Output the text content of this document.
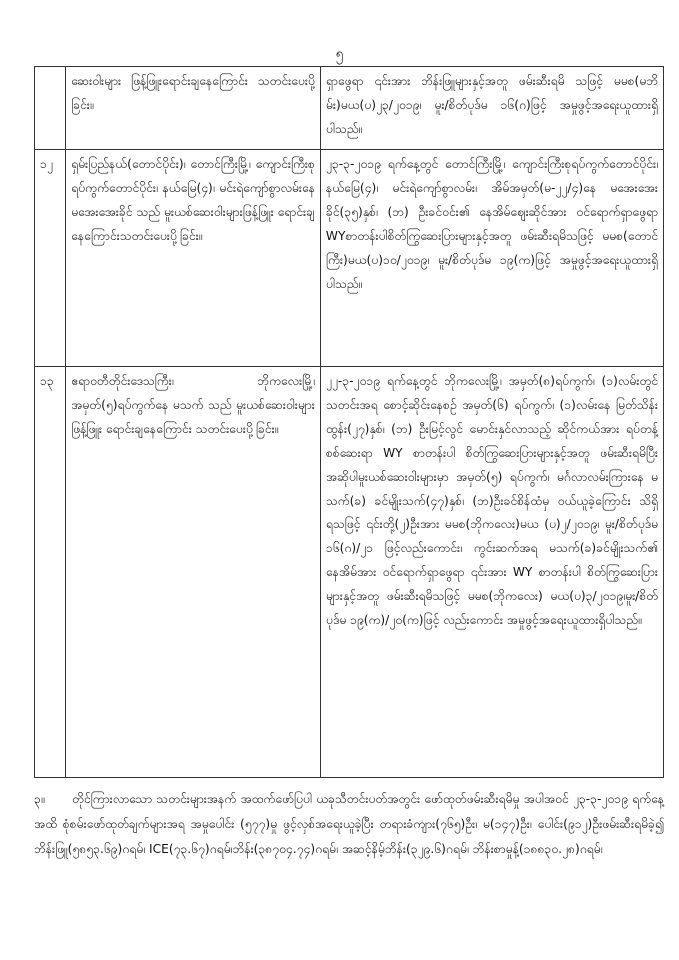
၅
	ဆေးဝါးများ ဖြန့်ဖြူးရောင်းချနေကြောင်း သတင်းပေးပို့ခြင်း။	ရှာဖွေရာ ၎င်းအား ဘိန်းဖြူများနှင့်အတူ ဖမ်းဆီးရမိ သဖြင့် မမစ(မဘိမ်း)မယ(ပ)၂၃/၂၀၁၉၊ မူး/စိတ်ပုဒ်မ ၁၆(ဂ)ဖြင့် အမှုဖွင့်အရေးယူထားရှိပါသည်။
၁၂	ရှမ်းပြည်နယ်(တောင်ပိုင်း)၊ တောင်ကြီးမြို့၊ ကျောင်းကြီးစုရပ်ကွက်တောင်ပိုင်း၊ နယ်မြေ(၄)၊ မင်းရဲကျော်စွာလမ်းနေ မအေးအေးခိုင် သည် မူးယစ်ဆေးဝါးများဖြန့်ဖြူး ရောင်းချ နေကြောင်းသတင်းပေးပို့ခြင်း။	၂၃-၃-၂၀၁၉ ရက်နေ့တွင် တောင်ကြီးမြို့၊ ကျောင်းကြီးစုရပ်ကွက်တောင်ပိုင်း၊ နယ်မြေ(၄)၊ မင်းရဲကျော်စွာလမ်း၊ အိမ်အမှတ်(မ-၂၂/၄)နေ မအေးအေးခိုင်(၃၅)နှစ်၊ (ဘ) ဦးခင်ဝင်း၏ နေအိမ်ဈေးဆိုင်အား ဝင်ရောက်ရှာဖွေရာ WYစာတန်းပါစိတ်ကြွဆေးပြားများနှင့်အတူ ဖမ်းဆီးရမိသဖြင့် မမစ(တောင်ကြီး)မယ(ပ)၁၀/၂၀၁၉၊ မူး/စိတ်ပုဒ်မ ၁၉(က)ဖြင့် အမှုဖွင့်အရေးယူထားရှိပါသည်။
၁၃	ဧရာဝတီတိုင်းဒေသကြီး၊ ဘိုကလေးမြို့၊ အမှတ်(၅)ရပ်ကွက်နေ မသက် သည် မူးယစ်ဆေးဝါးများ ဖြန့်ဖြူး ရောင်းချနေကြောင်း သတင်းပေးပို့ခြင်း။	၂၂-၃-၂၀၁၉ ရက်နေ့တွင် ဘိုကလေးမြို့၊ အမှတ်(၈)ရပ်ကွက်၊ (၁)လမ်းတွင် သတင်းအရ စောင့်ဆိုင်းနေစဉ် အမှတ်(၆) ရပ်ကွက်၊ (၁)လမ်းနေ မြတ်သိန်းထွန်း(၂၇)နှစ်၊ (ဘ) ဦးမြင့်လွင် မောင်းနှင်လာသည့် ဆိုင်ကယ်အား ရပ်တန့်စစ်ဆေးရာ WY စာတန်းပါ စိတ်ကြွဆေးပြားများနှင့်အတူ ဖမ်းဆီးရမိပြီး အဆိုပါမူးယစ်ဆေးဝါးများမှာ အမှတ်(၅) ရပ်ကွက်၊ မင်္ဂလာလမ်းကြားနေ မသက်(ခ) ခင်မျိုးသက်(၄၇)နှစ်၊ (ဘ)ဦးခင်စိန်ထံမှ ဝယ်ယူခဲ့ကြောင်း သိရှိရသဖြင့် ၎င်းတို့(၂)ဦးအား မမစ(ဘိုကလေး)မယ (ပ)၂/၂၀၁၉၊ မူး/စိတ်ပုဒ်မ ၁၆(ဂ)/၂၁ ဖြင့်လည်းကောင်း၊ ကွင်းဆက်အရ မသက်(ခ)ခင်မျိုးသက်၏ နေအိမ်အား ဝင်ရောက်ရှာဖွေရာ ၎င်းအား WY စာတန်းပါ စိတ်ကြွဆေးပြားများနှင့်အတူ ဖမ်းဆီးရမိသဖြင့် မမစ(ဘိုကလေး) မယ(ပ)၃/၂၀၁၉၊မူး/စိတ်ပုဒ်မ ၁၉(က)/၂၀(က)ဖြင့် လည်းကောင်း အမှုဖွင့်အရေးယူထားရှိပါသည်။
၃။ တိုင်ကြားလာသော သတင်းများအနက် အထက်ဖော်ပြပါ ယခုသီတင်းပတ်အတွင်း ဖော်ထုတ်ဖမ်းဆီးရမိမှု အပါအဝင် ၂၃-၃-၂၀၁၉ ရက်နေ့အထိ စုံစမ်းဖော်ထုတ်ချက်များအရ အမှုပေါင်း (၅၇၇)မှု ဖွင့်လှစ်အရေးယူခဲ့ပြီး တရားခံကျား(၇၆၅)ဦး၊ မ(၁၄၇)ဦး၊ ပေါင်း(၉၁၂)ဦးဖမ်းဆီးရမိခဲ့၍ ဘိန်းဖြူ(၅၈၅၃.၆၉)ဂရမ်၊ ICE(၇၃.၆၇)ဂရမ်၊ဘိန်း(၃၈၇၀၄.၇၄)ဂရမ်၊ အဆင့်နိမ့်ဘိန်း(၃၂၉.၆)ဂရမ်၊ ဘိန်းစာမှုန့်(၁၈၈၃၀.၂၈)ဂရမ်၊
